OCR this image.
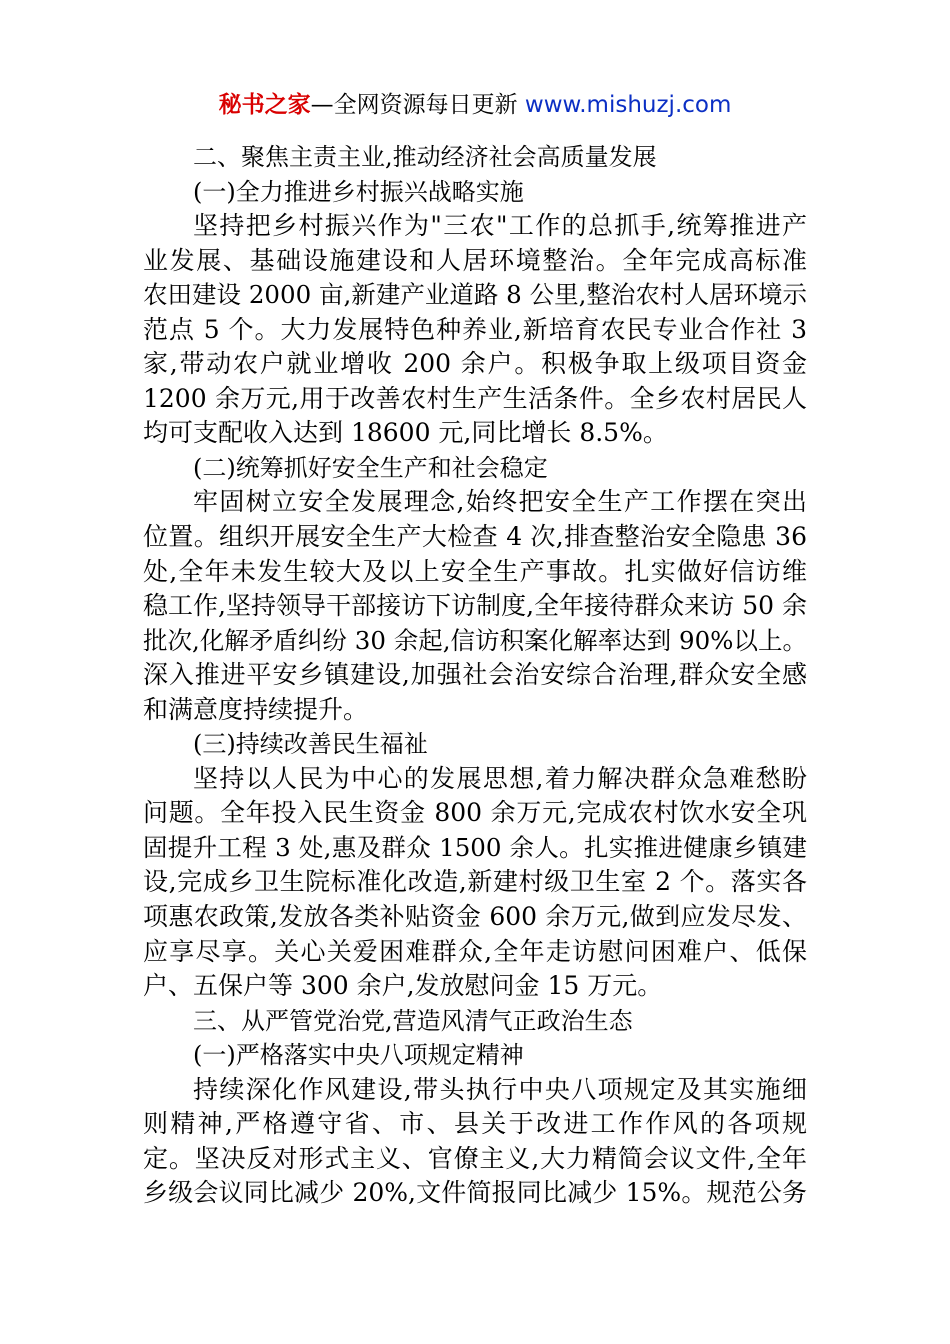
秘书之家—全网资源每日更新 www.mishuzj.com
二、聚焦主责主业,推动经济社会高质量发展
(一)全力推进乡村振兴战略实施
坚持把乡村振兴作为"三农"工作的总抓手,统筹推进产
业发展、基础设施建设和人居环境整治。全年完成高标准
农田建设 2000 亩,新建产业道路 8 公里,整治农村人居环境示
范点 5 个。大力发展特色种养业,新培育农民专业合作社 3
家,带动农户就业增收 200 余户。积极争取上级项目资金
1200 余万元,用于改善农村生产生活条件。全乡农村居民人
均可支配收入达到 18600 元,同比增长 8.5%。
(二)统筹抓好安全生产和社会稳定
牢固树立安全发展理念,始终把安全生产工作摆在突出
位置。组织开展安全生产大检查 4 次,排查整治安全隐患 36
处,全年未发生较大及以上安全生产事故。扎实做好信访维
稳工作,坚持领导干部接访下访制度,全年接待群众来访 50 余
批次,化解矛盾纠纷 30 余起,信访积案化解率达到 90%以上。
深入推进平安乡镇建设,加强社会治安综合治理,群众安全感
和满意度持续提升。
(三)持续改善民生福祉
坚持以人民为中心的发展思想,着力解决群众急难愁盼
问题。全年投入民生资金 800 余万元,完成农村饮水安全巩
固提升工程 3 处,惠及群众 1500 余人。扎实推进健康乡镇建
设,完成乡卫生院标准化改造,新建村级卫生室 2 个。落实各
项惠农政策,发放各类补贴资金 600 余万元,做到应发尽发、
应享尽享。关心关爱困难群众,全年走访慰问困难户、低保
户、五保户等 300 余户,发放慰问金 15 万元。
三、从严管党治党,营造风清气正政治生态
(一)严格落实中央八项规定精神
持续深化作风建设,带头执行中央八项规定及其实施细
则精神,严格遵守省、市、县关于改进工作作风的各项规
定。坚决反对形式主义、官僚主义,大力精简会议文件,全年
乡级会议同比减少 20%,文件简报同比减少 15%。规范公务
